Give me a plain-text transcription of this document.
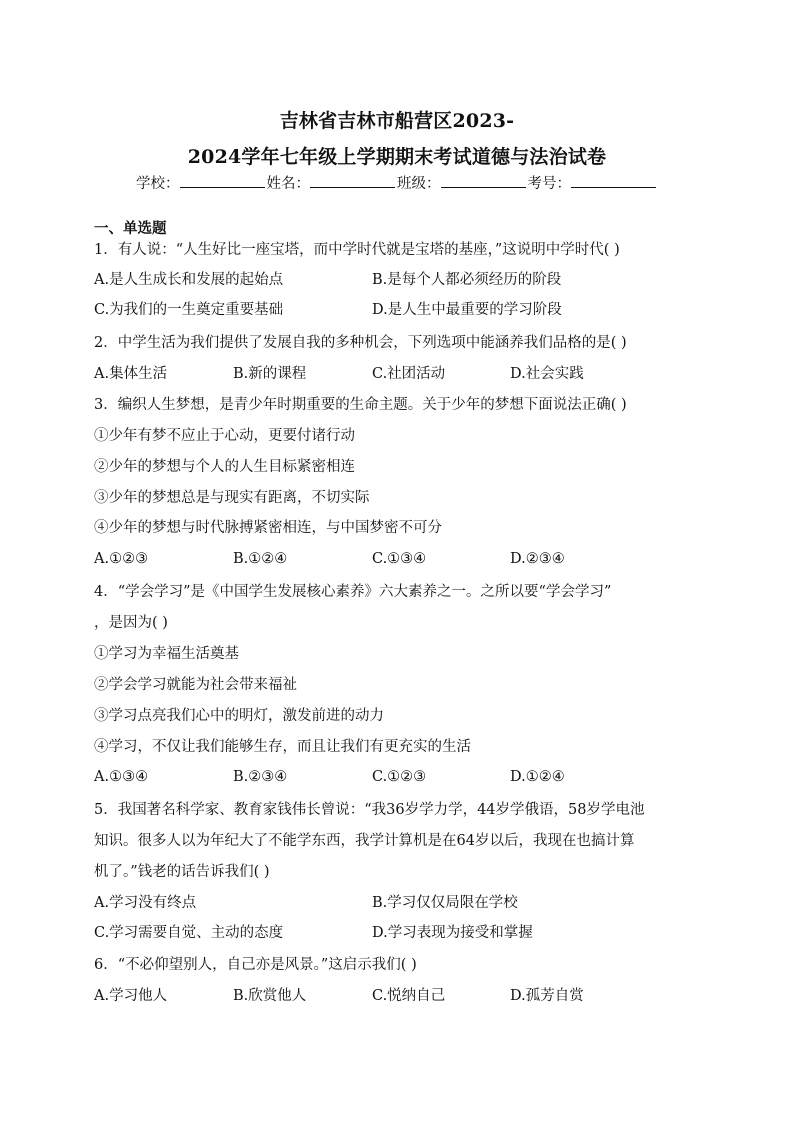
吉林省吉林市船营区2023-
2024学年七年级上学期期末考试道德与法治试卷
学校：	姓名：	班级：	考号：
一、单选题
1．有人说：“人生好比一座宝塔，而中学时代就是宝塔的基座，”这说明中学时代( )
A.是人生成长和发展的起始点	B.是每个人都必须经历的阶段
C.为我们的一生奠定重要基础	D.是人生中最重要的学习阶段
2．中学生活为我们提供了发展自我的多种机会，下列选项中能涵养我们品格的是( )
A.集体生活	B.新的课程	C.社团活动	D.社会实践
3．编织人生梦想，是青少年时期重要的生命主题。关于少年的梦想下面说法正确( )
①少年有梦不应止于心动，更要付诸行动
②少年的梦想与个人的人生目标紧密相连
③少年的梦想总是与现实有距离，不切实际
④少年的梦想与时代脉搏紧密相连，与中国梦密不可分
A.①②③	B.①②④	C.①③④	D.②③④
4．“学会学习”是《中国学生发展核心素养》六大素养之一。之所以要“学会学习”
，是因为( )
①学习为幸福生活奠基
②学会学习就能为社会带来福祉
③学习点亮我们心中的明灯，激发前进的动力
④学习，不仅让我们能够生存，而且让我们有更充实的生活
A.①③④	B.②③④	C.①②③	D.①②④
5．我国著名科学家、教育家钱伟长曾说：“我36岁学力学，44岁学俄语，58岁学电池
知识。很多人以为年纪大了不能学东西，我学计算机是在64岁以后，我现在也搞计算
机了。”钱老的话告诉我们( )
A.学习没有终点	B.学习仅仅局限在学校
C.学习需要自觉、主动的态度	D.学习表现为接受和掌握
6．“不必仰望别人，自己亦是风景。”这启示我们( )
A.学习他人	B.欣赏他人	C.悦纳自己	D.孤芳自赏
